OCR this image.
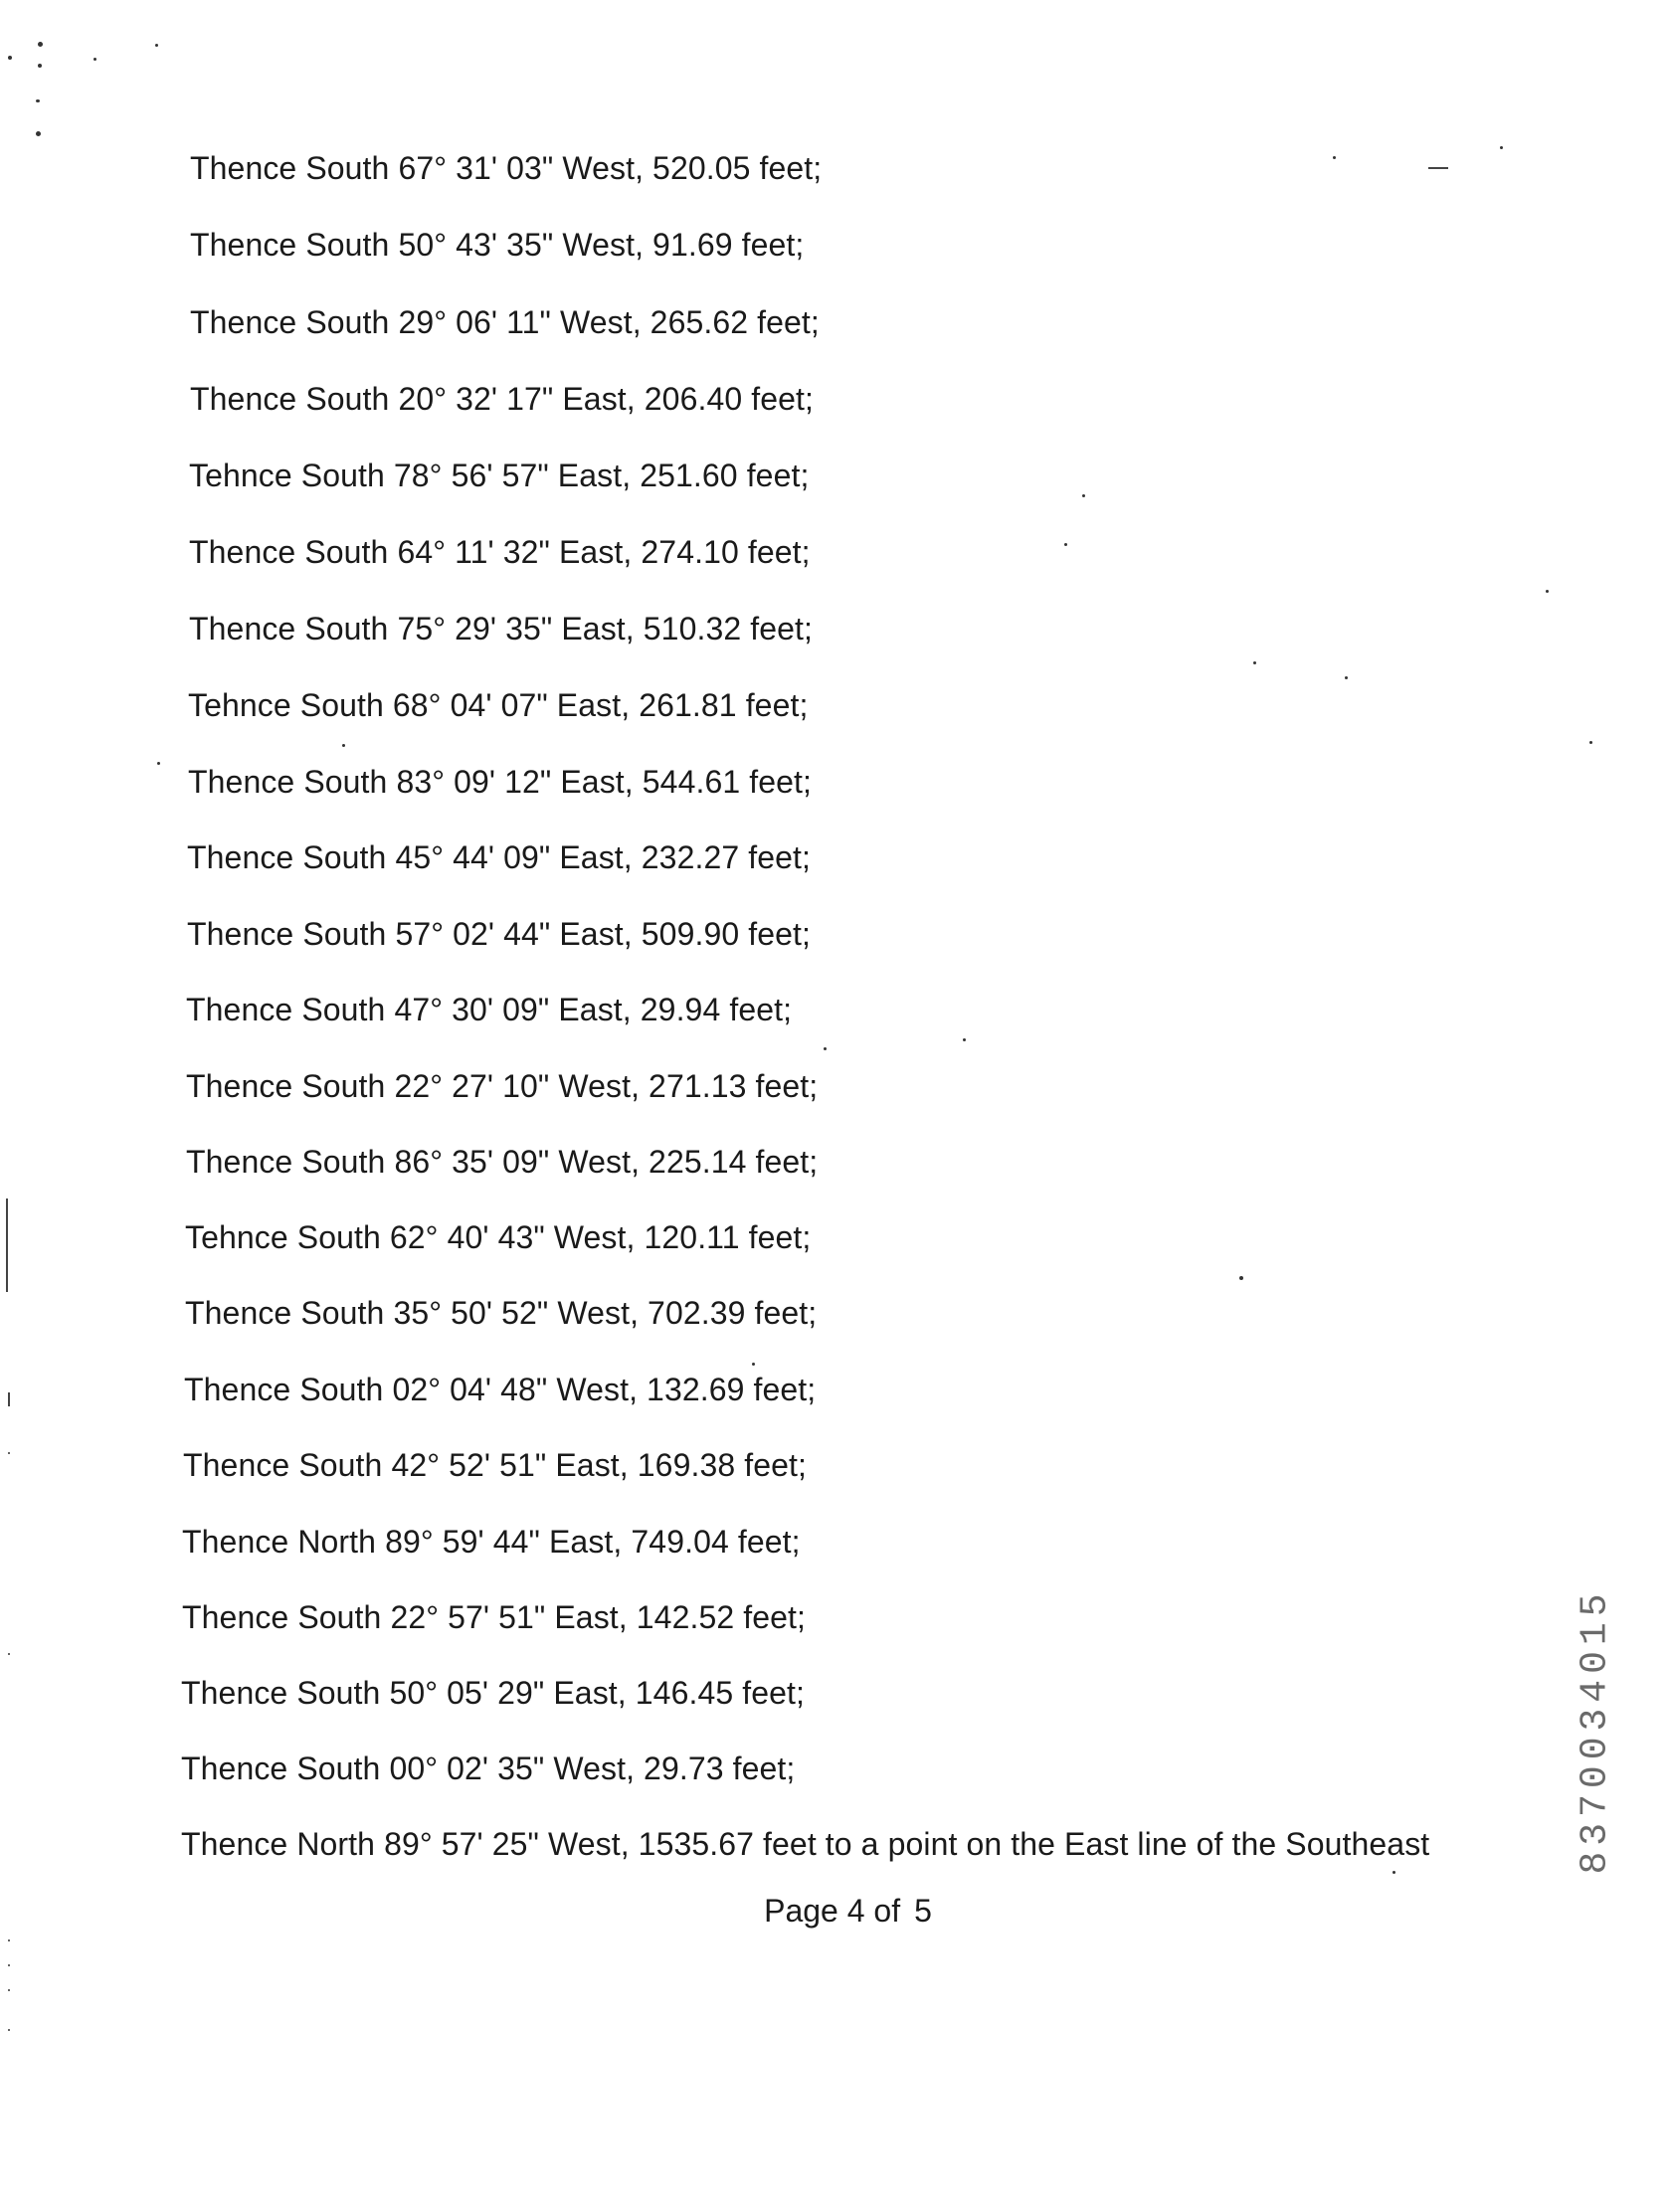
Thence South 67° 31' 03" West, 520.05 feet;
Thence South 50° 43' 35" West, 91.69 feet;
Thence South 29° 06' 11" West, 265.62 feet;
Thence South 20° 32' 17" East, 206.40 feet;
Tehnce South 78° 56' 57" East, 251.60 feet;
Thence South 64° 11' 32" East, 274.10 feet;
Thence South 75° 29' 35" East, 510.32 feet;
Tehnce South 68° 04' 07" East, 261.81 feet;
Thence South 83° 09' 12" East, 544.61 feet;
Thence South 45° 44' 09" East, 232.27 feet;
Thence South 57° 02' 44" East, 509.90 feet;
Thence South 47° 30' 09" East, 29.94 feet;
Thence South 22° 27' 10" West, 271.13 feet;
Thence South 86° 35' 09" West, 225.14 feet;
Tehnce South 62° 40' 43" West, 120.11 feet;
Thence South 35° 50' 52" West, 702.39 feet;
Thence South 02° 04' 48" West, 132.69 feet;
Thence South 42° 52' 51" East, 169.38 feet;
Thence North 89° 59' 44" East, 749.04 feet;
Thence South 22° 57' 51" East, 142.52 feet;
Thence South 50° 05' 29" East, 146.45 feet;
Thence South 00° 02' 35" West, 29.73 feet;
Thence North 89° 57' 25" West, 1535.67 feet to a point on the East line of the Southeast
Page 4 of 5
8370034015
